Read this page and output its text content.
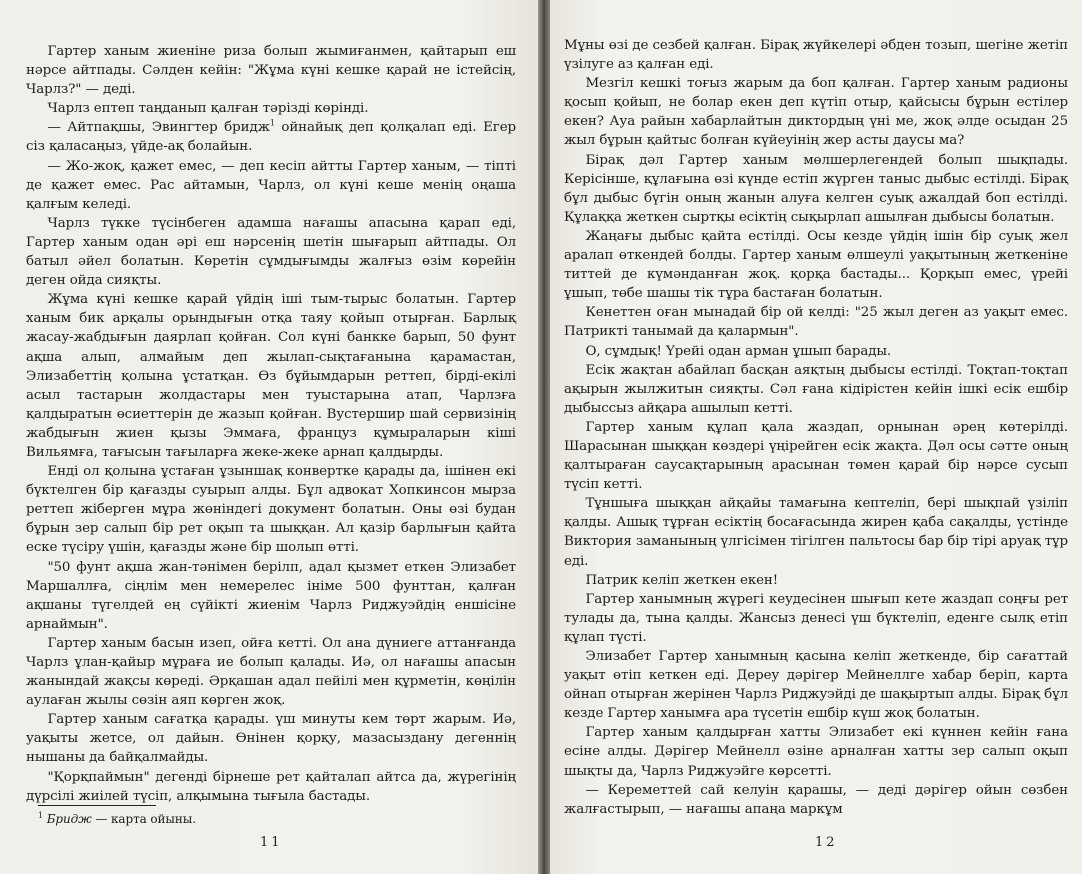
Гартер ханым жиеніне риза болып жымиғанмен, қайтарып еш нәрсе айтпады. Сәлден кейін: "Жұма күні кешке қарай не істейсің, Чарлз?" — деді.

Чарлз ептеп таңданып қалған тәрізді көрінді.

— Айтпақшы, Эвингтер бридж$^1$ ойнайық деп қолқалап еді. Егер сіз қаласаңыз, үйде-ақ болайын.

— Жо-жоқ, қажет емес, — деп кесіп айтты Гартер ханым, — тіпті де қажет емес. Рас айтамын, Чарлз, ол күні кеше менің оңаша қалғым келеді.

Чарлз түкке түсінбеген адамша нағашы апасына қарап еді, Гартер ханым одан әрі еш нәрсенің шетін шығарып айтпады. Ол батыл әйел болатын. Көретін сұмдығымды жалғыз өзім көрейін деген ойда сияқты.

Жұма күні кешке қарай үйдің іші тым-тырыс болатын. Гартер ханым бик арқалы орындығын отқа таяу қойып отырған. Барлық жасау-жабдығын даярлап қойған. Сол күні банкке барып, 50 фунт ақша алып, алмайым деп жылап-сықтағанына қарамастан, Элизабеттің қолына ұстатқан. Өз бұйымдарын реттеп, бірді-екілі асыл тастарын жолдастары мен туыстарына атап, Чарлзға қалдыратын өсиеттерін де жазып қойған. Вустершир шай сервизінің жабдығын жиен қызы Эммаға, француз құмыраларын кіші Вильямға, тағысын тағыларға жеке-жеке арнап қалдырды.

Енді ол қолына ұстаған ұзыншақ конвертке қарады да, ішінен екі бүктелген бір қағазды суырып алды. Бұл адвокат Хопкинсон мырза реттеп жіберген мұра жөніндегі документ болатын. Оны өзі будан бұрын зер салып бір рет оқып та шыққан. Ал қазір барлығын қайта еске түсіру үшін, қағазды және бір шолып өтті.

"50 фунт ақша жан-тәнімен берілп, адал қызмет еткен Элизабет Маршаллға, сіңлім мен немерелес ініме 500 фунттан, қалған ақшаны түгелдей ең сүйікті жиенім Чарлз Риджуэйдің еншісіне арнаймын".

Гартер ханым басын изеп, ойға кетті. Ол ана дүниеге аттанғанда Чарлз ұлан-қайыр мұраға ие болып қалады. Иә, ол нағашы апасын жанындай жақсы көреді. Әрқашан адал пейілі мен құрметін, көңілін аулаған жылы сөзін аяп көрген жоқ.

Гартер ханым сағатқа қарады. үш минуты кем төрт жарым. Иә, уақыты жетсе, ол дайын. Өнінен қорқу, мазасыздану дегеннің нышаны да байқалмайды.

"Қорқпаймын" дегенді бірнеше рет қайталап айтса да, жүрегінің дүрсілі жиілей түсіп, алқымына тығыла бастады.

$^1$ Бридж — карта ойыны.
11

Мұны өзі де сезбей қалған. Бірақ жүйкелері әбден тозып, шегіне жетіп үзілуге аз қалған еді.

Мезгіл кешкі тоғыз жарым да боп қалған. Гартер ханым радионы қосып қойып, не болар екен деп күтіп отыр, қайсысы бұрын естілер екен? Ауа райын хабарлайтын диктордың үні ме, жоқ әлде осыдан 25 жыл бұрын қайтыс болған күйеуінің жер асты даусы ма?

Бірақ дәл Гартер ханым мөлшерлегендей болып шықпады. Керісінше, құлағына өзі күнде естіп жүрген таныс дыбыс естілді. Бірақ бұл дыбыс бүгін оның жанын алуға келген суық ажалдай боп естілді. Құлаққа жеткен сыртқы есіктің сықырлап ашылған дыбысы болатын.

Жаңағы дыбыс қайта естілді. Осы кезде үйдің ішін бір суық жел аралап өткендей болды. Гартер ханым өлшеулі уақытының жеткеніне титтей де күмәнданған жоқ. қорқа бастады... Қорқып емес, үрейі ұшып, төбе шашы тік тұра бастаған болатын.

Кенеттен оған мынадай бір ой келді: "25 жыл деген аз уақыт емес. Патрикті танымай да қалармын".

О, сұмдық! Үрейі одан арман ұшып барады.

Есік жақтан абайлап басқан аяқтың дыбысы естілді. Тоқтап-тоқтап ақырын жылжитын сияқты. Сәл ғана кідірістен кейін ішкі есік ешбір дыбыссыз айқара ашылып кетті.

Гартер ханым құлап қала жаздап, орнынан әрең көтерілді. Шарасынан шыққан көздері үңірейген есік жақта. Дәл осы сәтте оның қалтыраған саусақтарының арасынан төмен қарай бір нәрсе сусып түсіп кетті.

Тұншыға шыққан айқайы тамағына кептеліп, бері шықпай үзіліп қалды. Ашық тұрған есіктің босағасында жирен қаба сақалды, үстінде Виктория заманының үлгісімен тігілген пальтосы бар бір тірі аруақ тұр еді.

Патрик келіп жеткен екен!

Гартер ханымның жүрегі кеудесінен шығып кете жаздап соңғы рет тулады да, тына қалды. Жансыз денесі үш бүктеліп, еденге сылқ етіп құлап түсті.

Элизабет Гартер ханымның қасына келіп жеткенде, бір сағаттай уақыт өтіп кеткен еді. Дереу дәрігер Мейнеллге хабар беріп, карта ойнап отырған жерінен Чарлз Риджуэйді де шақыртып алды. Бірақ бұл кезде Гартер ханымға ара түсетін ешбір күш жоқ болатын.

Гартер ханым қалдырған хатты Элизабет екі күннен кейін ғана есіне алды. Дәрігер Мейнелл өзіне арналған хатты зер салып оқып шықты да, Чарлз Риджуэйге көрсетті.

— Кереметтей сай келуін қарашы, — деді дәрігер ойын сөзбен жалғастырып, — нағашы апаңа маркұм

12
